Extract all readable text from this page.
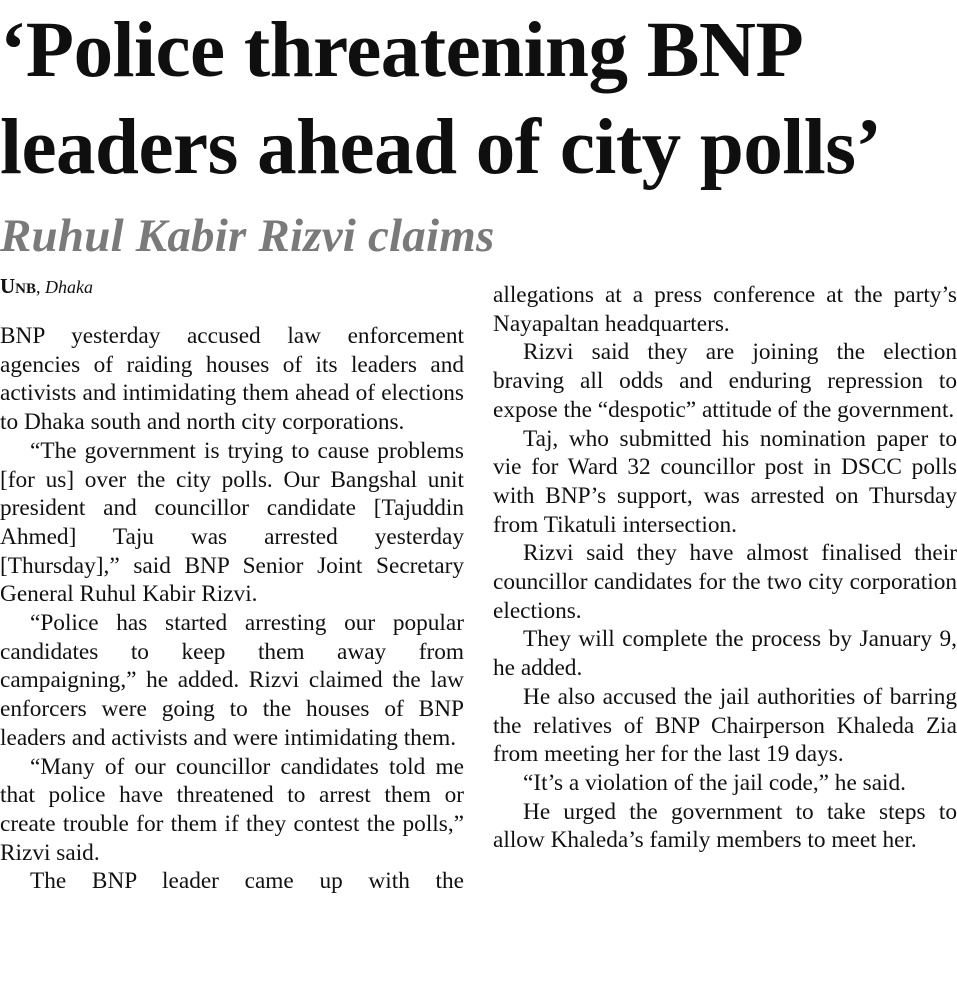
‘Police threatening BNP leaders ahead of city polls’
Ruhul Kabir Rizvi claims
Unb, Dhaka

BNP yesterday accused law enforcement agencies of raiding houses of its leaders and activists and intimidating them ahead of elections to Dhaka south and north city corporations.

“The government is trying to cause problems [for us] over the city polls. Our Bangshal unit president and councillor candidate [Tajuddin Ahmed] Taju was arrested yesterday [Thursday],” said BNP Senior Joint Secretary General Ruhul Kabir Rizvi.

“Police has started arresting our popular candidates to keep them away from campaigning,” he added. Rizvi claimed the law enforcers were going to the houses of BNP leaders and activists and were intimidating them.

“Many of our councillor candidates told me that police have threatened to arrest them or create trouble for them if they contest the polls,” Rizvi said.

The BNP leader came up with the

allegations at a press conference at the party’s Nayapaltan headquarters.

Rizvi said they are joining the election braving all odds and enduring repression to expose the “despotic” attitude of the government.

Taj, who submitted his nomination paper to vie for Ward 32 councillor post in DSCC polls with BNP’s support, was arrested on Thursday from Tikatuli intersection.

Rizvi said they have almost finalised their councillor candidates for the two city corporation elections.

They will complete the process by January 9, he added.

He also accused the jail authorities of barring the relatives of BNP Chairperson Khaleda Zia from meeting her for the last 19 days.

“It’s a violation of the jail code,” he said.

He urged the government to take steps to allow Khaleda’s family members to meet her.
